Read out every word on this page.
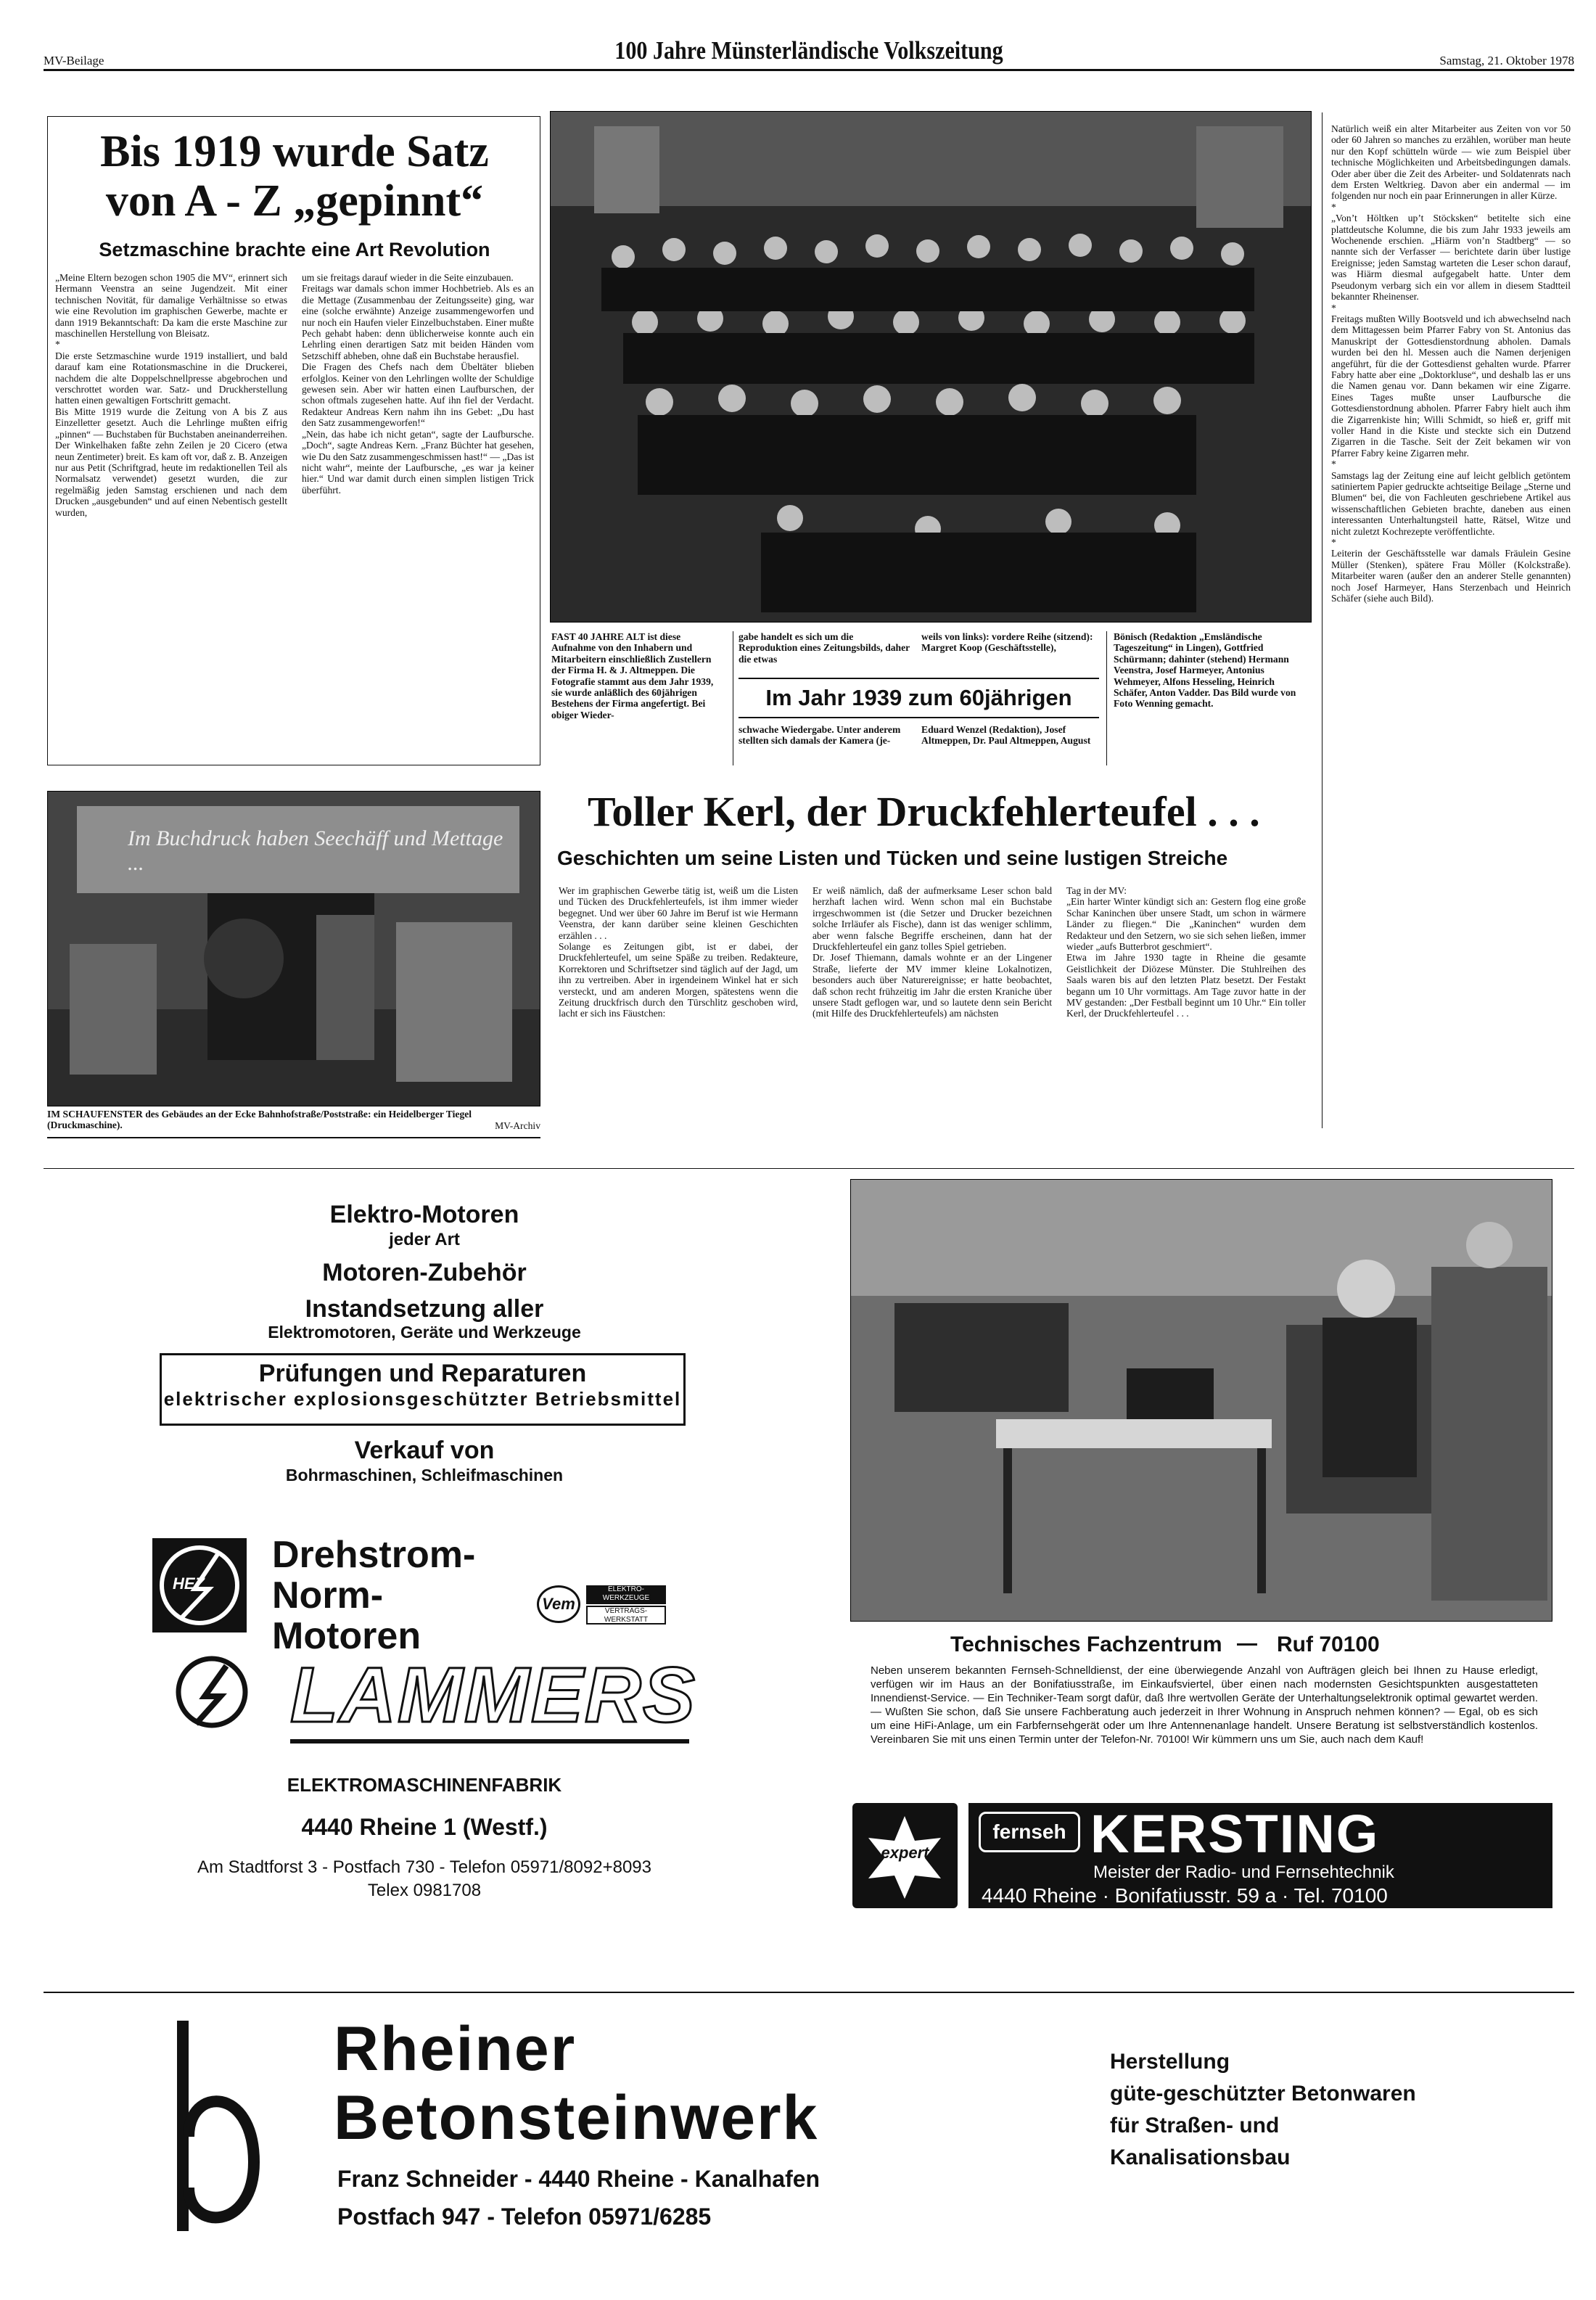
MV-Beilage	100 Jahre Münsterländische Volkszeitung	Samstag, 21. Oktober 1978
Bis 1919 wurde Satz
von A - Z „gepinnt“
Setzmaschine brachte eine Art Revolution

„Meine Eltern bezogen schon 1905 die MV“, erinnert sich Hermann Veenstra an seine Jugendzeit. Mit einer technischen Novität, für damalige Verhältnisse so etwas wie eine Revolution im graphischen Gewerbe, machte er dann 1919 Bekanntschaft: Da kam die erste Maschine zur maschinellen Herstellung von Bleisatz.
*
Die erste Setzmaschine wurde 1919 installiert, und bald darauf kam eine Rotationsmaschine in die Druckerei, nachdem die alte Doppelschnellpresse abgebrochen und verschrottet worden war. Satz- und Druckherstellung hatten einen gewaltigen Fortschritt gemacht.
Bis Mitte 1919 wurde die Zeitung von A bis Z aus Einzelletter gesetzt. Auch die Lehrlinge mußten eifrig „pinnen“ — Buchstaben für Buchstaben aneinanderreihen. Der Winkelhaken faßte zehn Zeilen je 20 Cicero (etwa neun Zentimeter) breit. Es kam oft vor, daß z. B. Anzeigen nur aus Petit (Schriftgrad, heute im redaktionellen Teil als Normalsatz verwendet) gesetzt wurden, die zur regelmäßig jeden Samstag erschienen und nach dem Drucken „ausgebunden“ und auf einen Nebentisch gestellt wurden,

um sie freitags darauf wieder in die Seite einzubauen.
Freitags war damals schon immer Hochbetrieb. Als es an die Mettage (Zusammenbau der Zeitungsseite) ging, war eine (solche erwähnte) Anzeige zusammengeworfen und nur noch ein Haufen vieler Einzelbuchstaben. Einer mußte Pech gehabt haben: denn üblicherweise konnte auch ein Lehrling einen derartigen Satz mit beiden Händen vom Setzschiff abheben, ohne daß ein Buchstabe herausfiel.
Die Fragen des Chefs nach dem Übeltäter blieben erfolglos. Keiner von den Lehrlingen wollte der Schuldige gewesen sein. Aber wir hatten einen Laufburschen, der schon oftmals zugesehen hatte. Auf ihn fiel der Verdacht. Redakteur Andreas Kern nahm ihn ins Gebet: „Du hast den Satz zusammengeworfen!“
„Nein, das habe ich nicht getan“, sagte der Laufbursche. „Doch“, sagte Andreas Kern. „Franz Büchter hat gesehen, wie Du den Satz zusammengeschmissen hast!“ — „Das ist nicht wahr“, meinte der Laufbursche, „es war ja keiner hier.“ Und war damit durch einen simplen listigen Trick überführt.

FAST 40 JAHRE ALT ist diese Aufnahme von den Inhabern und Mitarbeitern einschließlich Zustellern der Firma H. & J. Altmeppen. Die Fotografie stammt aus dem Jahr 1939, sie wurde anläßlich des 60jährigen Bestehens der Firma angefertigt. Bei obiger Wieder-

gabe handelt es sich um die Reproduktion eines Zeitungsbilds, daher die etwas

weils von links): vordere Reihe (sitzend): Margret Koop (Geschäftsstelle),

Im Jahr 1939 zum 60jährigen

schwache Wiedergabe. Unter anderem stellten sich damals der Kamera (je-

Eduard Wenzel (Redaktion), Josef Altmeppen, Dr. Paul Altmeppen, August

Bönisch (Redaktion „Emsländische Tageszeitung“ in Lingen), Gottfried Schürmann; dahinter (stehend) Hermann Veenstra, Josef Harmeyer, Antonius Wehmeyer, Alfons Hesseling, Heinrich Schäfer, Anton Vadder. Das Bild wurde von Foto Wenning gemacht.

Natürlich weiß ein alter Mitarbeiter aus Zeiten von vor 50 oder 60 Jahren so manches zu erzählen, worüber man heute nur den Kopf schütteln würde — wie zum Beispiel über technische Möglichkeiten und Arbeitsbedingungen damals. Oder aber über die Zeit des Arbeiter- und Soldatenrats nach dem Ersten Weltkrieg. Davon aber ein andermal — im folgenden nur noch ein paar Erinnerungen in aller Kürze.
*
„Von’t Höltken up’t Stöcksken“ betitelte sich eine plattdeutsche Kolumne, die bis zum Jahr 1933 jeweils am Wochenende erschien. „Hiärm von’n Stadtberg“ — so nannte sich der Verfasser — berichtete darin über lustige Ereignisse; jeden Samstag warteten die Leser schon darauf, was Hiärm diesmal aufgegabelt hatte. Unter dem Pseudonym verbarg sich ein vor allem in diesem Stadtteil bekannter Rheinenser.
*
Freitags mußten Willy Bootsveld und ich abwechselnd nach dem Mittagessen beim Pfarrer Fabry von St. Antonius das Manuskript der Gottesdienstordnung abholen. Damals wurden bei den hl. Messen auch die Namen derjenigen angeführt, für die der Gottesdienst gehalten wurde. Pfarrer Fabry hatte aber eine „Doktorkluse“, und deshalb las er uns die Namen genau vor. Dann bekamen wir eine Zigarre. Eines Tages mußte unser Laufbursche die Gottesdienstordnung abholen. Pfarrer Fabry hielt auch ihm die Zigarrenkiste hin; Willi Schmidt, so hieß er, griff mit voller Hand in die Kiste und steckte sich ein Dutzend Zigarren in die Tasche. Seit der Zeit bekamen wir von Pfarrer Fabry keine Zigarren mehr.
*
Samstags lag der Zeitung eine auf leicht gelblich getöntem satiniertem Papier gedruckte achtseitige Beilage „Sterne und Blumen“ bei, die von Fachleuten geschriebene Artikel aus wissenschaftlichen Gebieten brachte, daneben aus einen interessanten Unterhaltungsteil hatte, Rätsel, Witze und nicht zuletzt Kochrezepte veröffentlichte.
*
Leiterin der Geschäftsstelle war damals Fräulein Gesine Müller (Stenken), spätere Frau Möller (Kolckstraße). Mitarbeiter waren (außer den an anderer Stelle genannten) noch Josef Harmeyer, Hans Sterzenbach und Heinrich Schäfer (siehe auch Bild).

Im Buchdruck haben Seechäff und Mettage ...
IM SCHAUFENSTER des Gebäudes an der Ecke Bahnhofstraße/Poststraße: ein Heidelberger Tiegel (Druckmaschine).	MV-Archiv
Toller Kerl, der Druckfehlerteufel . . .
Geschichten um seine Listen und Tücken und seine lustigen Streiche

Wer im graphischen Gewerbe tätig ist, weiß um die Listen und Tücken des Druckfehlerteufels, ist ihm immer wieder begegnet. Und wer über 60 Jahre im Beruf ist wie Hermann Veenstra, der kann darüber seine kleinen Geschichten erzählen . . .
Solange es Zeitungen gibt, ist er dabei, der Druckfehlerteufel, um seine Späße zu treiben. Redakteure, Korrektoren und Schriftsetzer sind täglich auf der Jagd, um ihn zu vertreiben. Aber in irgendeinem Winkel hat er sich versteckt, und am anderen Morgen, spätestens wenn die Zeitung druckfrisch durch den Türschlitz geschoben wird, lacht er sich ins Fäustchen:

Er weiß nämlich, daß der aufmerksame Leser schon bald herzhaft lachen wird. Wenn schon mal ein Buchstabe irrgeschwommen ist (die Setzer und Drucker bezeichnen solche Irrläufer als Fische), dann ist das weniger schlimm, aber wenn falsche Begriffe erscheinen, dann hat der Druckfehlerteufel ein ganz tolles Spiel getrieben.
Dr. Josef Thiemann, damals wohnte er an der Lingener Straße, lieferte der MV immer kleine Lokalnotizen, besonders auch über Naturereignisse; er hatte beobachtet, daß schon recht frühzeitig im Jahr die ersten Kraniche über unsere Stadt geflogen war, und so lautete denn sein Bericht (mit Hilfe des Druckfehlerteufels) am nächsten

Tag in der MV:
„Ein harter Winter kündigt sich an: Gestern flog eine große Schar Kaninchen über unsere Stadt, um schon in wärmere Länder zu fliegen.“ Die „Kaninchen“ wurden dem Redakteur und den Setzern, wo sie sich sehen ließen, immer wieder „aufs Butterbrot geschmiert“.
Etwa im Jahre 1930 tagte in Rheine die gesamte Geistlichkeit der Diözese Münster. Die Stuhlreihen des Saals waren bis auf den letzten Platz besetzt. Der Festakt begann um 10 Uhr vormittags. Am Tage zuvor hatte in der MV gestanden: „Der Festball beginnt um 10 Uhr.“ Ein toller Kerl, der Druckfehlerteufel . . .

Elektro-Motoren
jeder Art
Motoren-Zubehör
Instandsetzung aller
Elektromotoren, Geräte und Werkzeuge
Prüfungen und Reparaturen
elektrischer explosionsgeschützter Betriebsmittel
Verkauf von
Bohrmaschinen, Schleifmaschinen
HEZ
Drehstrom-
Norm-
Motoren
Vem
ELEKTRO-
WERKZEUGE
VERTRAGS-
WERKSTATT
LAMMERS
ELEKTROMASCHINENFABRIK
4440 Rheine 1 (Westf.)
Am Stadtforst 3 - Postfach 730 - Telefon 05971/8092+8093
Telex 0981708
Technisches Fachzentrum	Ruf 70100

Neben unserem bekannten Fernseh-Schnelldienst, der eine überwiegende Anzahl von Aufträgen gleich bei Ihnen zu Hause erledigt, verfügen wir im Haus an der Bonifatiusstraße, im Einkaufsviertel, über einen nach modernsten Gesichtspunkten ausgestatteten Innendienst-Service. — Ein Techniker-Team sorgt dafür, daß Ihre wertvollen Geräte der Unterhaltungselektronik optimal gewartet werden. — Wußten Sie schon, daß Sie unsere Fachberatung auch jederzeit in Ihrer Wohnung in Anspruch nehmen können? — Egal, ob es sich um eine HiFi-Anlage, um ein Farbfernsehgerät oder um Ihre Antennenanlage handelt. Unsere Beratung ist selbstverständlich kostenlos. Vereinbaren Sie mit uns einen Termin unter der Telefon-Nr. 70100! Wir kümmern uns um Sie, auch nach dem Kauf!

expert
fernseh KERSTING
Meister der Radio- und Fernsehtechnik
4440 Rheine · Bonifatiusstr. 59 a · Tel. 70100
Rheiner
Betonsteinwerk
Franz Schneider - 4440 Rheine - Kanalhafen
Postfach 947 - Telefon 05971/6285
Herstellung
güte-geschützter Betonwaren
für Straßen- und
Kanalisationsbau
